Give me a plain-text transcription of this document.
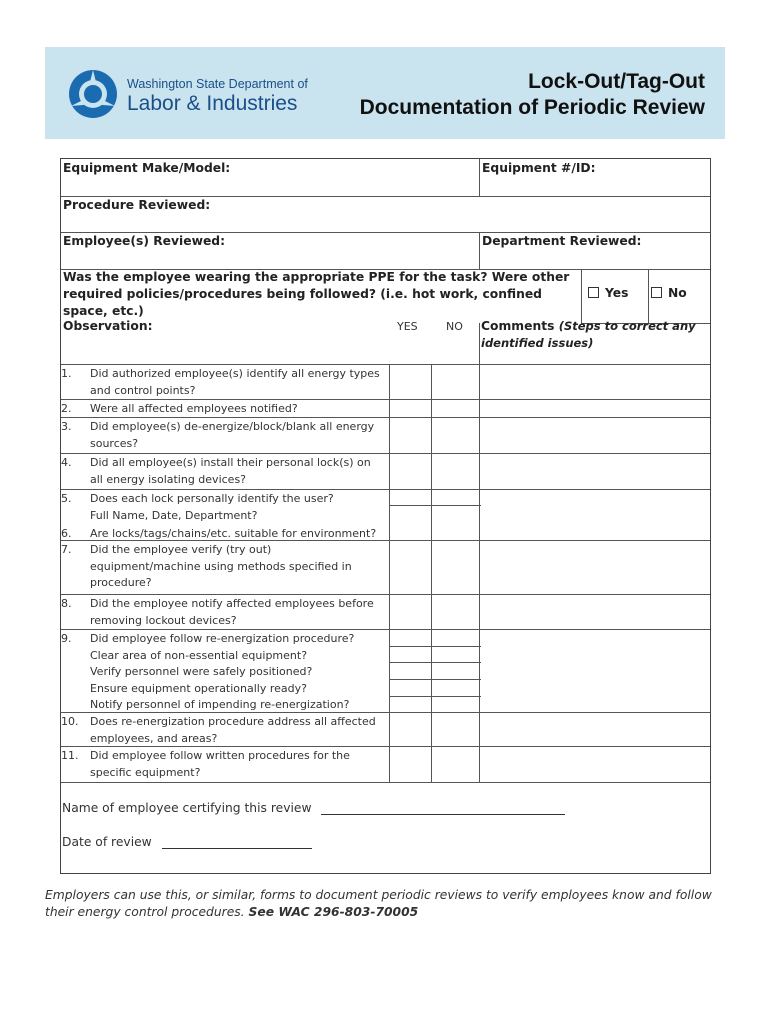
Washington State Department of
Labor & Industries
Lock-Out/Tag-Out
Documentation of Periodic Review
Equipment Make/Model:	Equipment #/ID:
Procedure Reviewed:
Employee(s) Reviewed:	Department Reviewed:
Was the employee wearing the appropriate PPE for the task? Were other
required policies/procedures being followed? (i.e. hot work, confined
space, etc.)
Yes	No
Observation:	YES	NO Comments (Steps to correct any
identified issues)
1. Did authorized employee(s) identify all energy types
and control points?
2. Were all affected employees notified?
3. Did employee(s) de-energize/block/blank all energy
sources?
4. Did all employee(s) install their personal lock(s) on
all energy isolating devices?
5. Does each lock personally identify the user?
Full Name, Date, Department?
6. Are locks/tags/chains/etc. suitable for environment?
7. Did the employee verify (try out)
equipment/machine using methods specified in
procedure?
8. Did the employee notify affected employees before
removing lockout devices?
9. Did employee follow re-energization procedure?
Clear area of non-essential equipment?
Verify personnel were safely positioned?
Ensure equipment operationally ready?
Notify personnel of impending re-energization?
10. Does re-energization procedure address all affected
employees, and areas?
11. Did employee follow written procedures for the
specific equipment?
Name of employee certifying this review
Date of review
Employers can use this, or similar, forms to document periodic reviews to verify employees know and follow their energy control procedures. See WAC 296-803-70005
